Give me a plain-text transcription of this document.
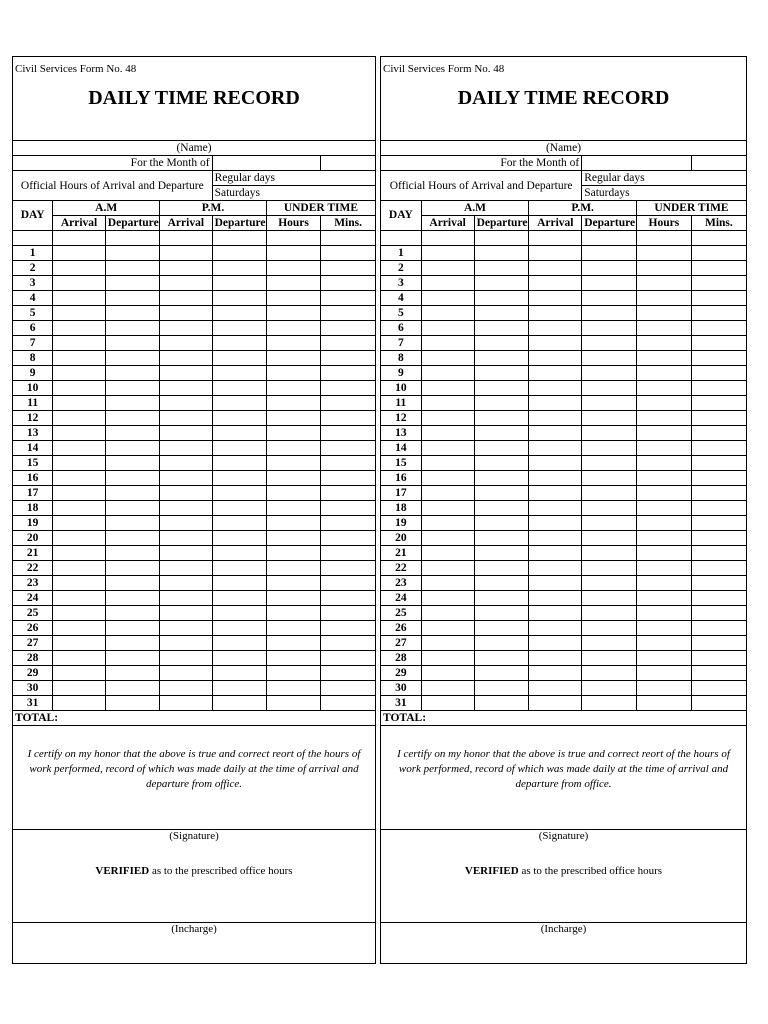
Civil Services Form No. 48
DAILY TIME RECORD
(Name)						
For the Month of						
Official Hours of Arrival and Departure				Regular days		
				Saturdays		
DAY	A.M		P.M.		UNDER TIME	
	Arrival	Departure	Arrival	Departure	Hours	Mins.

1						
2						
3						
4						
5						
6						
7						
8						
9						
10						
11						
12						
13						
14						
15						
16						
17						
18						
19						
20						
21						
22						
23						
24						
25						
26						
27						
28						
29						
30						
31						
TOTAL:						
I certify on my honor that the above is true and correct reort of the hours of work performed, record of which was made daily at the time of arrival and departure from office.
(Signature)
VERIFIED as to the prescribed office hours
(Incharge)
Civil Services Form No. 48
DAILY TIME RECORD
(Name)						
For the Month of						
Official Hours of Arrival and Departure				Regular days		
				Saturdays		
DAY	A.M		P.M.		UNDER TIME	
	Arrival	Departure	Arrival	Departure	Hours	Mins.

1						
2						
3						
4						
5						
6						
7						
8						
9						
10						
11						
12						
13						
14						
15						
16						
17						
18						
19						
20						
21						
22						
23						
24						
25						
26						
27						
28						
29						
30						
31						
TOTAL:						
I certify on my honor that the above is true and correct reort of the hours of work performed, record of which was made daily at the time of arrival and departure from office.
(Signature)
VERIFIED as to the prescribed office hours
(Incharge)
